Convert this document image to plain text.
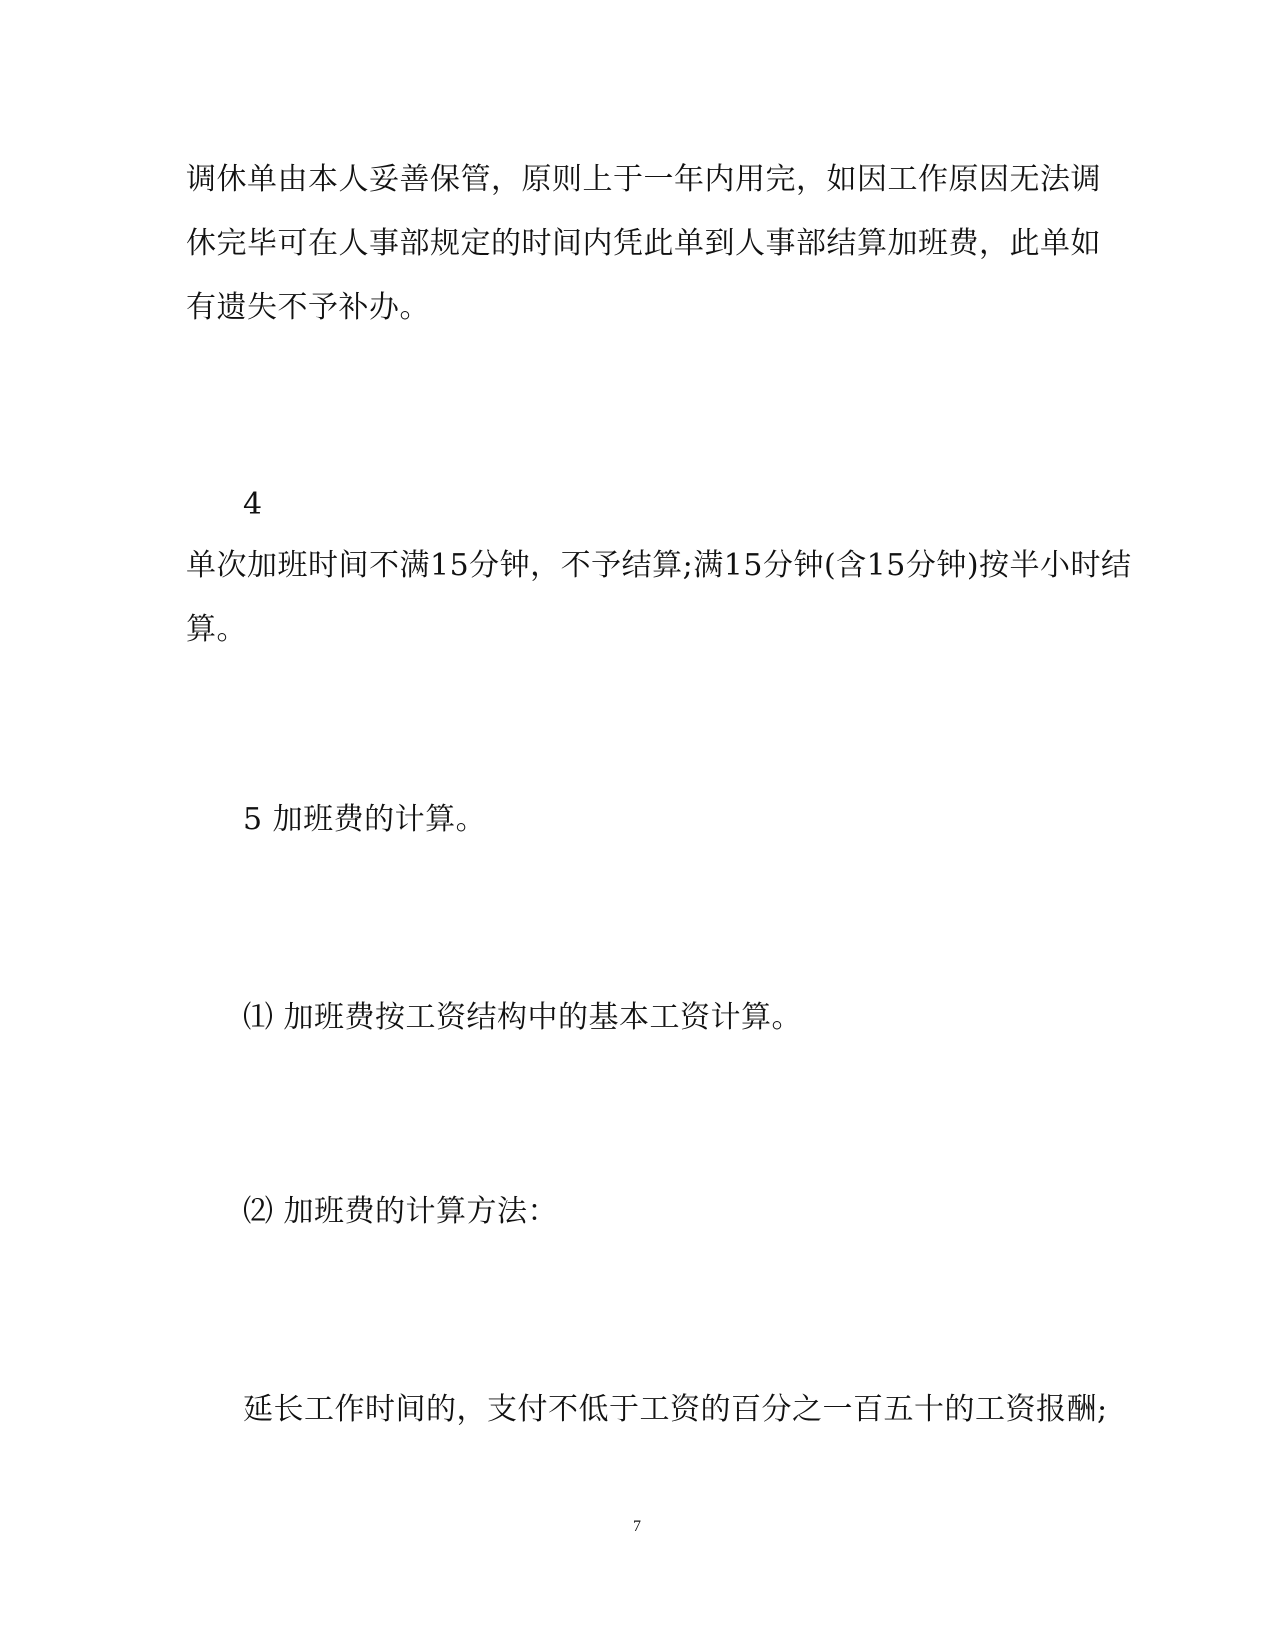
调休单由本人妥善保管，原则上于一年内用完，如因工作原因无法调
休完毕可在人事部规定的时间内凭此单到人事部结算加班费，此单如
有遗失不予补办。
4
单次加班时间不满15分钟，不予结算;满15分钟(含15分钟)按半小时结
算。
5 加班费的计算。
⑴ 加班费按工资结构中的基本工资计算。
⑵ 加班费的计算方法：
延长工作时间的，支付不低于工资的百分之一百五十的工资报酬;
7
